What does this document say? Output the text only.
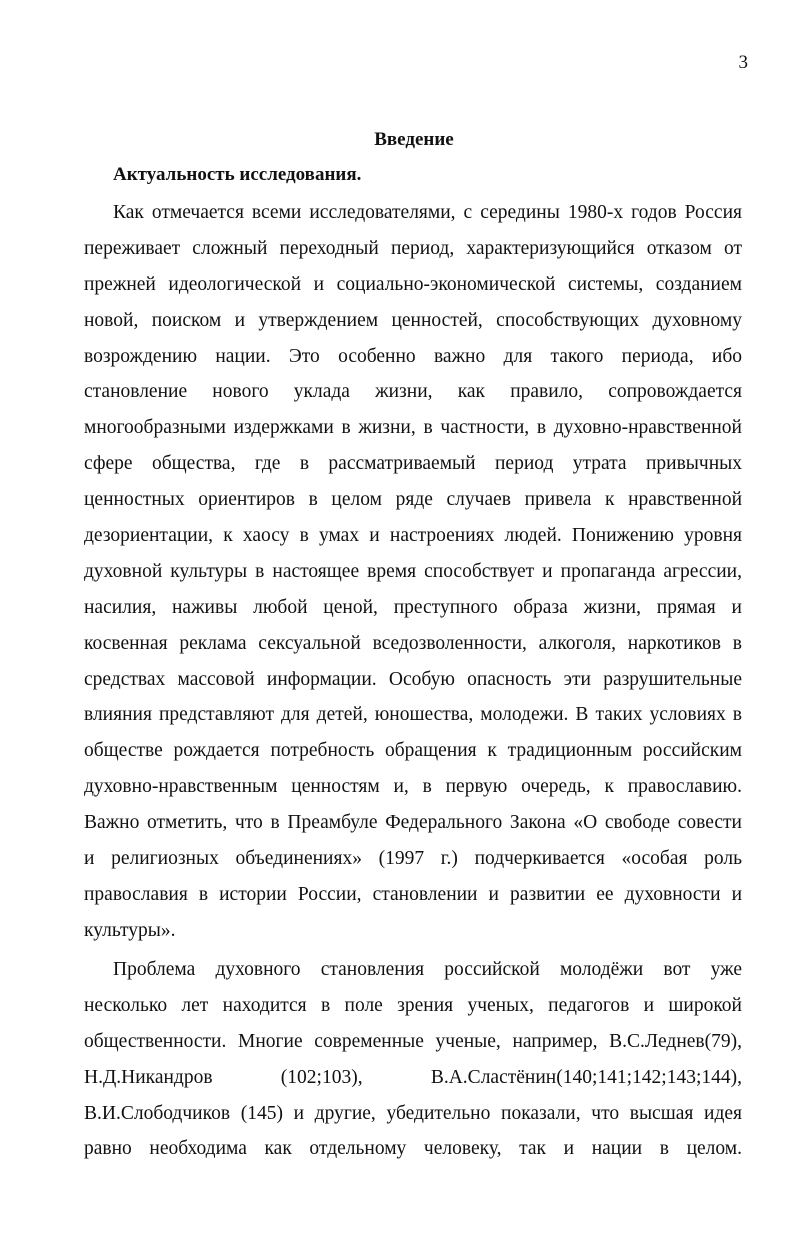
3
Введение
Актуальность исследования.
Как отмечается всеми исследователями, с середины 1980-х годов Россия
переживает сложный переходный период, характеризующийся отказом от
прежней идеологической и социально-экономической системы, созданием
новой, поиском и утверждением ценностей, способствующих духовному
возрождению нации. Это особенно важно для такого периода, ибо
становление нового уклада жизни, как правило, сопровождается
многообразными издержками в жизни, в частности, в духовно-нравственной
сфере общества, где в рассматриваемый период утрата привычных
ценностных ориентиров в целом ряде случаев привела к нравственной
дезориентации, к хаосу в умах и настроениях людей. Понижению уровня
духовной культуры в настоящее время способствует и пропаганда агрессии,
насилия, наживы любой ценой, преступного образа жизни, прямая и
косвенная реклама сексуальной вседозволенности, алкоголя, наркотиков в
средствах массовой информации. Особую опасность эти разрушительные
влияния представляют для детей, юношества, молодежи. В таких условиях в
обществе рождается потребность обращения к традиционным российским
духовно-нравственным ценностям и, в первую очередь, к православию.
Важно отметить, что в Преамбуле Федерального Закона «О свободе совести
и религиозных объединениях» (1997 г.) подчеркивается «особая роль
православия в истории России, становлении и развитии ее духовности и
культуры».
Проблема духовного становления российской молодёжи вот уже
несколько лет находится в поле зрения ученых, педагогов и широкой
общественности. Многие современные ученые, например, В.С.Леднев(79),
Н.Д.Никандров (102;103), В.А.Сластёнин(140;141;142;143;144),
В.И.Слободчиков (145) и другие, убедительно показали, что высшая идея
равно необходима как отдельному человеку, так и нации в целом.
